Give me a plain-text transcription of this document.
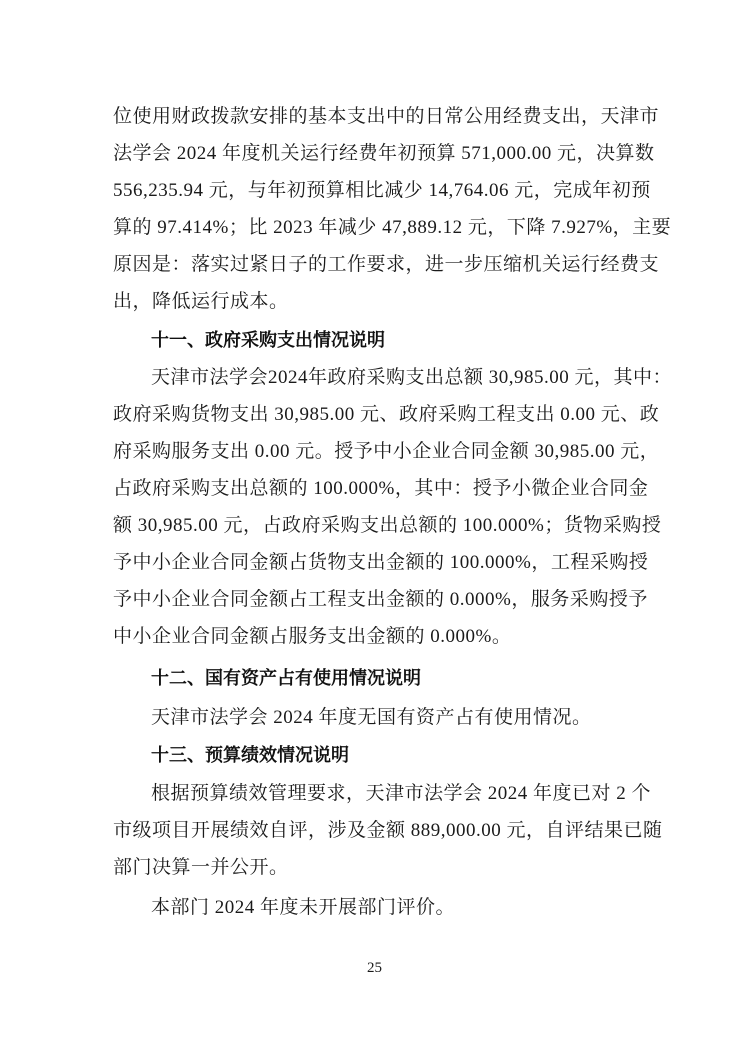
位使用财政拨款安排的基本支出中的日常公用经费支出，天津市
法学会 2024 年度机关运行经费年初预算 571,000.00 元，决算数
556,235.94 元，与年初预算相比减少 14,764.06 元，完成年初预
算的 97.414%；比 2023 年减少 47,889.12 元，下降 7.927%，主要
原因是：落实过紧日子的工作要求，进一步压缩机关运行经费支
出，降低运行成本。
十一、政府采购支出情况说明
天津市法学会2024年政府采购支出总额 30,985.00 元，其中：
政府采购货物支出 30,985.00 元、政府采购工程支出 0.00 元、政
府采购服务支出 0.00 元。授予中小企业合同金额 30,985.00 元，
占政府采购支出总额的 100.000%，其中：授予小微企业合同金
额 30,985.00 元，占政府采购支出总额的 100.000%；货物采购授
予中小企业合同金额占货物支出金额的 100.000%，工程采购授
予中小企业合同金额占工程支出金额的 0.000%，服务采购授予
中小企业合同金额占服务支出金额的 0.000%。
十二、国有资产占有使用情况说明
天津市法学会 2024 年度无国有资产占有使用情况。
十三、预算绩效情况说明
根据预算绩效管理要求，天津市法学会 2024 年度已对 2 个
市级项目开展绩效自评，涉及金额 889,000.00 元，自评结果已随
部门决算一并公开。
本部门 2024 年度未开展部门评价。
25
